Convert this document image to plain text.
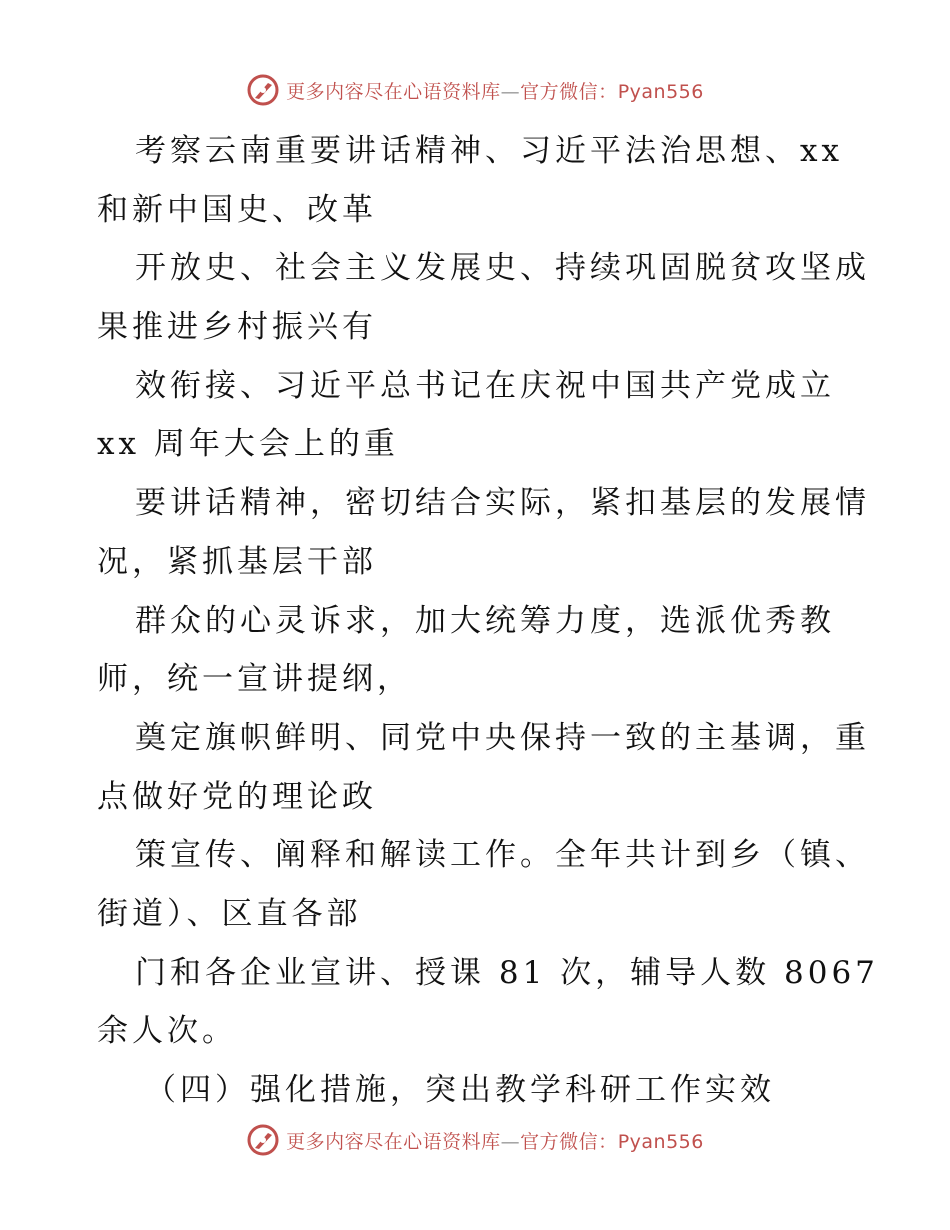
更多内容尽在心语资料库—官方微信：Pyan556
考察云南重要讲话精神、习近平法治思想、xx
和新中国史、改革
开放史、社会主义发展史、持续巩固脱贫攻坚成
果推进乡村振兴有
效衔接、习近平总书记在庆祝中国共产党成立
xx 周年大会上的重
要讲话精神，密切结合实际，紧扣基层的发展情
况，紧抓基层干部
群众的心灵诉求，加大统筹力度，选派优秀教
师，统一宣讲提纲，
奠定旗帜鲜明、同党中央保持一致的主基调，重
点做好党的理论政
策宣传、阐释和解读工作。全年共计到乡（镇、
街道）、区直各部
门和各企业宣讲、授课 81 次，辅导人数 8067
余人次。
（四）强化措施，突出教学科研工作实效
更多内容尽在心语资料库—官方微信：Pyan556
